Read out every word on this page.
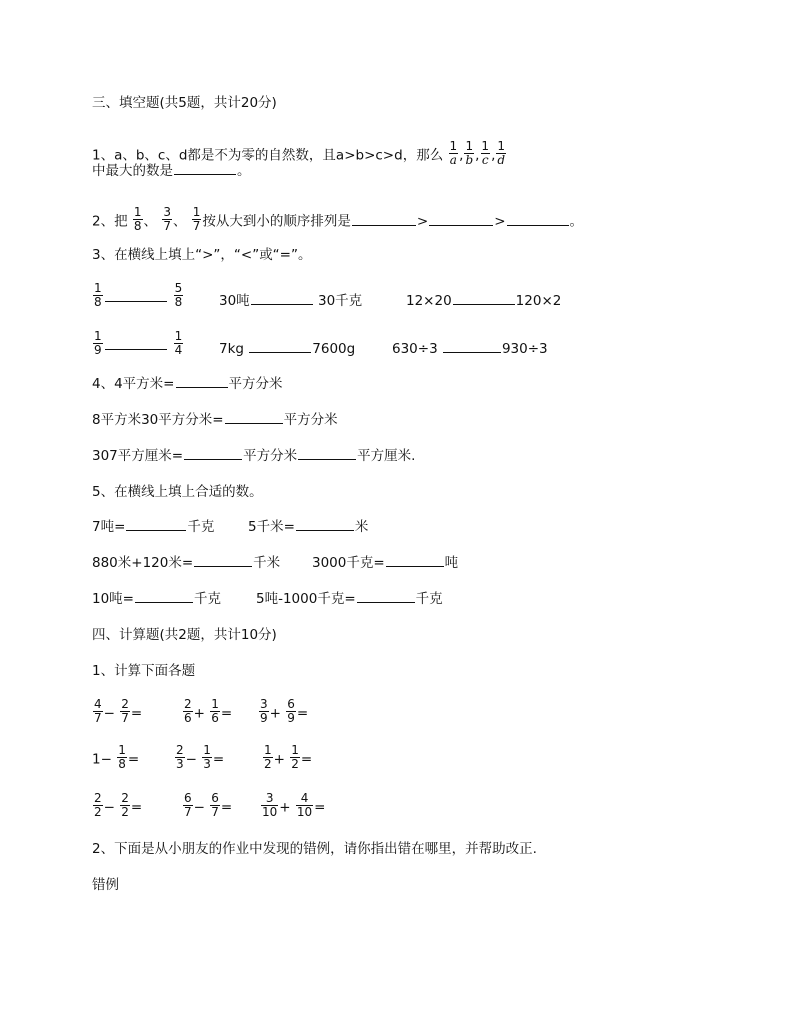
三、填空题(共5题，共计20分)
1、a、b、c、d都是不为零的自然数，且a>b>c>d，那么 $\frac{1}{a}$ , $\frac{1}{b}$ , $\frac{1}{c}$ , $\frac{1}{d}$
中最大的数是	。
2、把 $\frac{1}{8}$ 、 $\frac{3}{7}$ 、 $\frac{1}{7}$ 按从大到小的顺序排列是	>	>	。
3、在横线上填上“>”，“<”或“=”。
$\frac{1}{8}$	$\frac{5}{8}$	30吨	30千克	12×20	120×2
$\frac{1}{9}$	$\frac{1}{4}$	7kg	7600g	630÷3	930÷3
4、4平方米=	平方分米
8平方米30平方分米=	平方分米
307平方厘米=	平方分米	平方厘米.
5、在横线上填上合适的数。
7吨=	千克 5千米=	米
880米+120米=	千米 3000千克=	吨
10吨=	千克	5吨-1000千克=	千克
四、计算题(共2题，共计10分)
1、计算下面各题
$\frac{4}{7} - \frac{2}{7}$ =	$\frac{2}{6} + \frac{1}{6} = \frac{3}{9} + \frac{6}{9}$ =
$1- \frac{1}{8}$ =	$\frac{2}{3} - \frac{1}{3}$ =	$\frac{1}{2} + \frac{1}{2}$ =
$\frac{2}{2} - \frac{2}{2}$ =	$\frac{6}{7} - \frac{6}{7} = \frac{3}{10} + \frac{4}{10}$ =
2、下面是从小朋友的作业中发现的错例，请你指出错在哪里，并帮助改正.
错例
